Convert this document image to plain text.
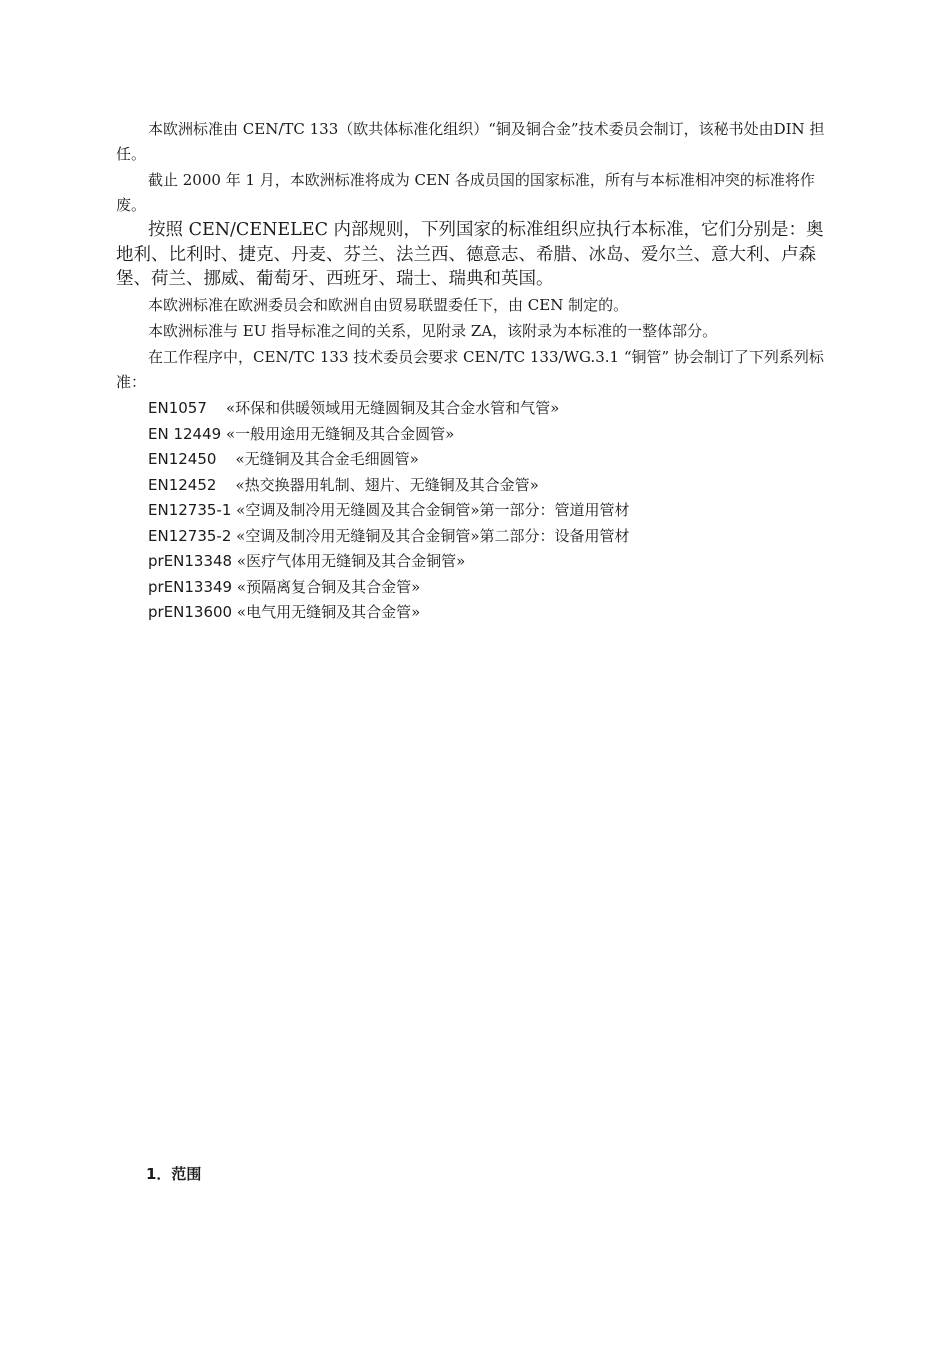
本欧洲标准由 CEN/TC 133（欧共体标准化组织）“铜及铜合金”技术委员会制订，该秘书处由DIN 担任。

截止 2000 年 1 月，本欧洲标准将成为 CEN 各成员国的国家标准，所有与本标准相冲突的标准将作废。

按照 CEN/CENELEC 内部规则，下列国家的标准组织应执行本标准，它们分别是：奥地利、比利时、捷克、丹麦、芬兰、法兰西、德意志、希腊、冰岛、爱尔兰、意大利、卢森堡、荷兰、挪威、葡萄牙、西班牙、瑞士、瑞典和英国。

本欧洲标准在欧洲委员会和欧洲自由贸易联盟委任下，由 CEN 制定的。

本欧洲标准与 EU 指导标准之间的关系，见附录 ZA，该附录为本标准的一整体部分。

在工作程序中，CEN/TC 133 技术委员会要求 CEN/TC 133/WG.3.1 “铜管” 协会制订了下列系列标准：

EN1057 «环保和供暖领域用无缝圆铜及其合金水管和气管»

EN 12449 «一般用途用无缝铜及其合金圆管»

EN12450 «无缝铜及其合金毛细圆管»

EN12452 «热交换器用轧制、翅片、无缝铜及其合金管»

EN12735-1 «空调及制冷用无缝圆及其合金铜管»第一部分：管道用管材

EN12735-2 «空调及制冷用无缝铜及其合金铜管»第二部分：设备用管材

prEN13348 «医疗气体用无缝铜及其合金铜管»

prEN13349 «预隔离复合铜及其合金管»

prEN13600 «电气用无缝铜及其合金管»

1．范围
